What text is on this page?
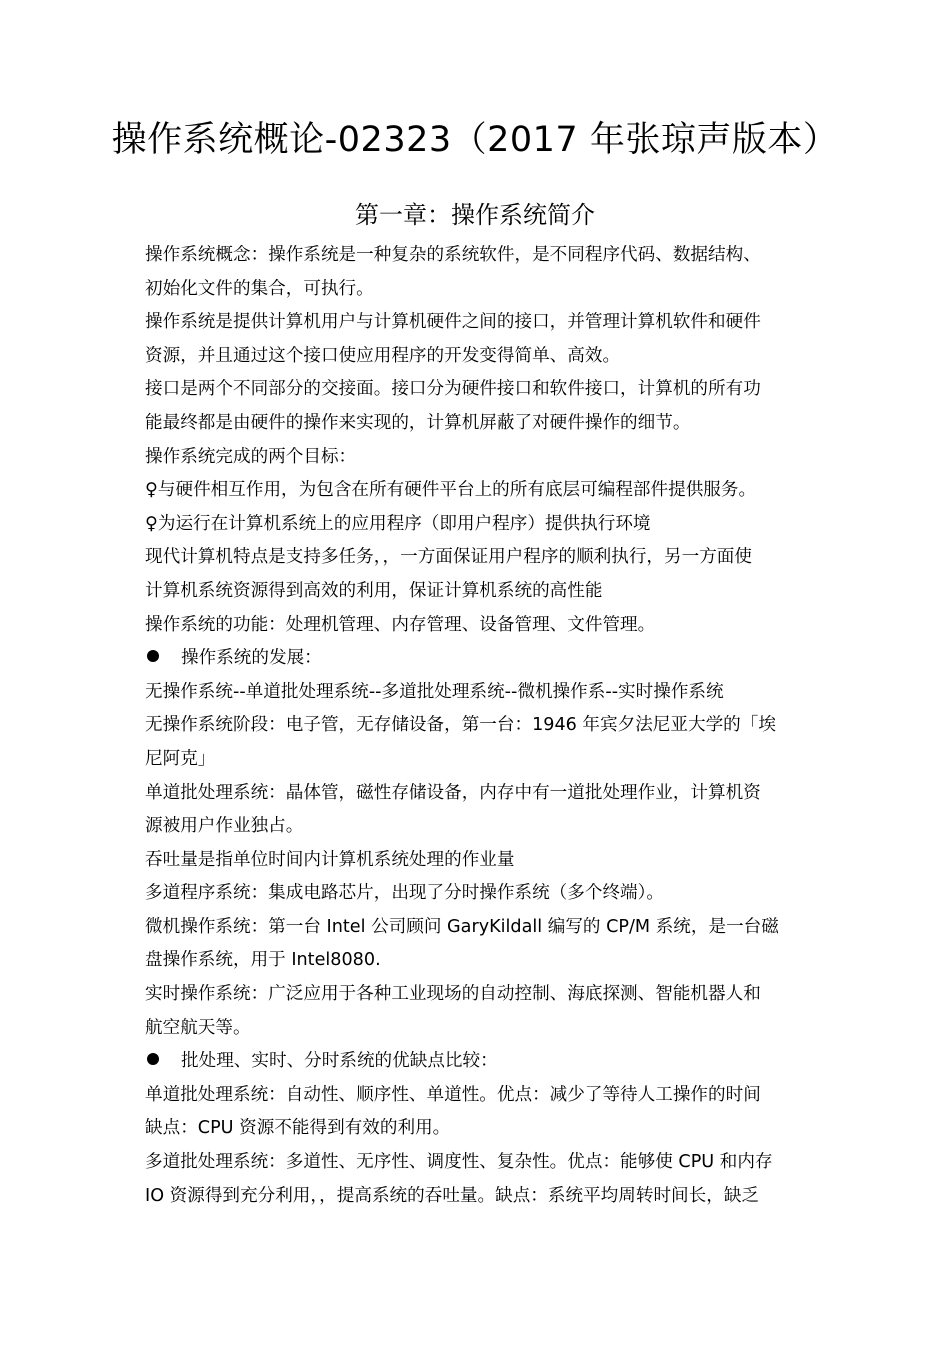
操作系统概论-02323（2017 年张琼声版本）
第一章：操作系统简介
操作系统概念：操作系统是一种复杂的系统软件，是不同程序代码、数据结构、
初始化文件的集合，可执行。
操作系统是提供计算机用户与计算机硬件之间的接口，并管理计算机软件和硬件
资源，并且通过这个接口使应用程序的开发变得简单、高效。
接口是两个不同部分的交接面。接口分为硬件接口和软件接口，计算机的所有功
能最终都是由硬件的操作来实现的，计算机屏蔽了对硬件操作的细节。
操作系统完成的两个目标：
♀与硬件相互作用，为包含在所有硬件平台上的所有底层可编程部件提供服务。
♀为运行在计算机系统上的应用程序（即用户程序）提供执行环境
现代计算机特点是支持多任务，，一方面保证用户程序的顺利执行，另一方面使
计算机系统资源得到高效的利用，保证计算机系统的高性能
操作系统的功能：处理机管理、内存管理、设备管理、文件管理。
操作系统的发展：
无操作系统--单道批处理系统--多道批处理系统--微机操作系--实时操作系统
无操作系统阶段：电子管，无存储设备，第一台：1946 年宾夕法尼亚大学的「埃
尼阿克」
单道批处理系统：晶体管，磁性存储设备，内存中有一道批处理作业，计算机资
源被用户作业独占。
吞吐量是指单位时间内计算机系统处理的作业量
多道程序系统：集成电路芯片，出现了分时操作系统（多个终端）。
微机操作系统：第一台 Intel 公司顾问 GaryKildall 编写的 CP/M 系统，是一台磁
盘操作系统，用于 Intel8080.
实时操作系统：广泛应用于各种工业现场的自动控制、海底探测、智能机器人和
航空航天等。
批处理、实时、分时系统的优缺点比较：
单道批处理系统：自动性、顺序性、单道性。优点：减少了等待人工操作的时间
缺点：CPU 资源不能得到有效的利用。
多道批处理系统：多道性、无序性、调度性、复杂性。优点：能够使 CPU 和内存
IO 资源得到充分利用，，提高系统的吞吐量。缺点：系统平均周转时间长，缺乏
